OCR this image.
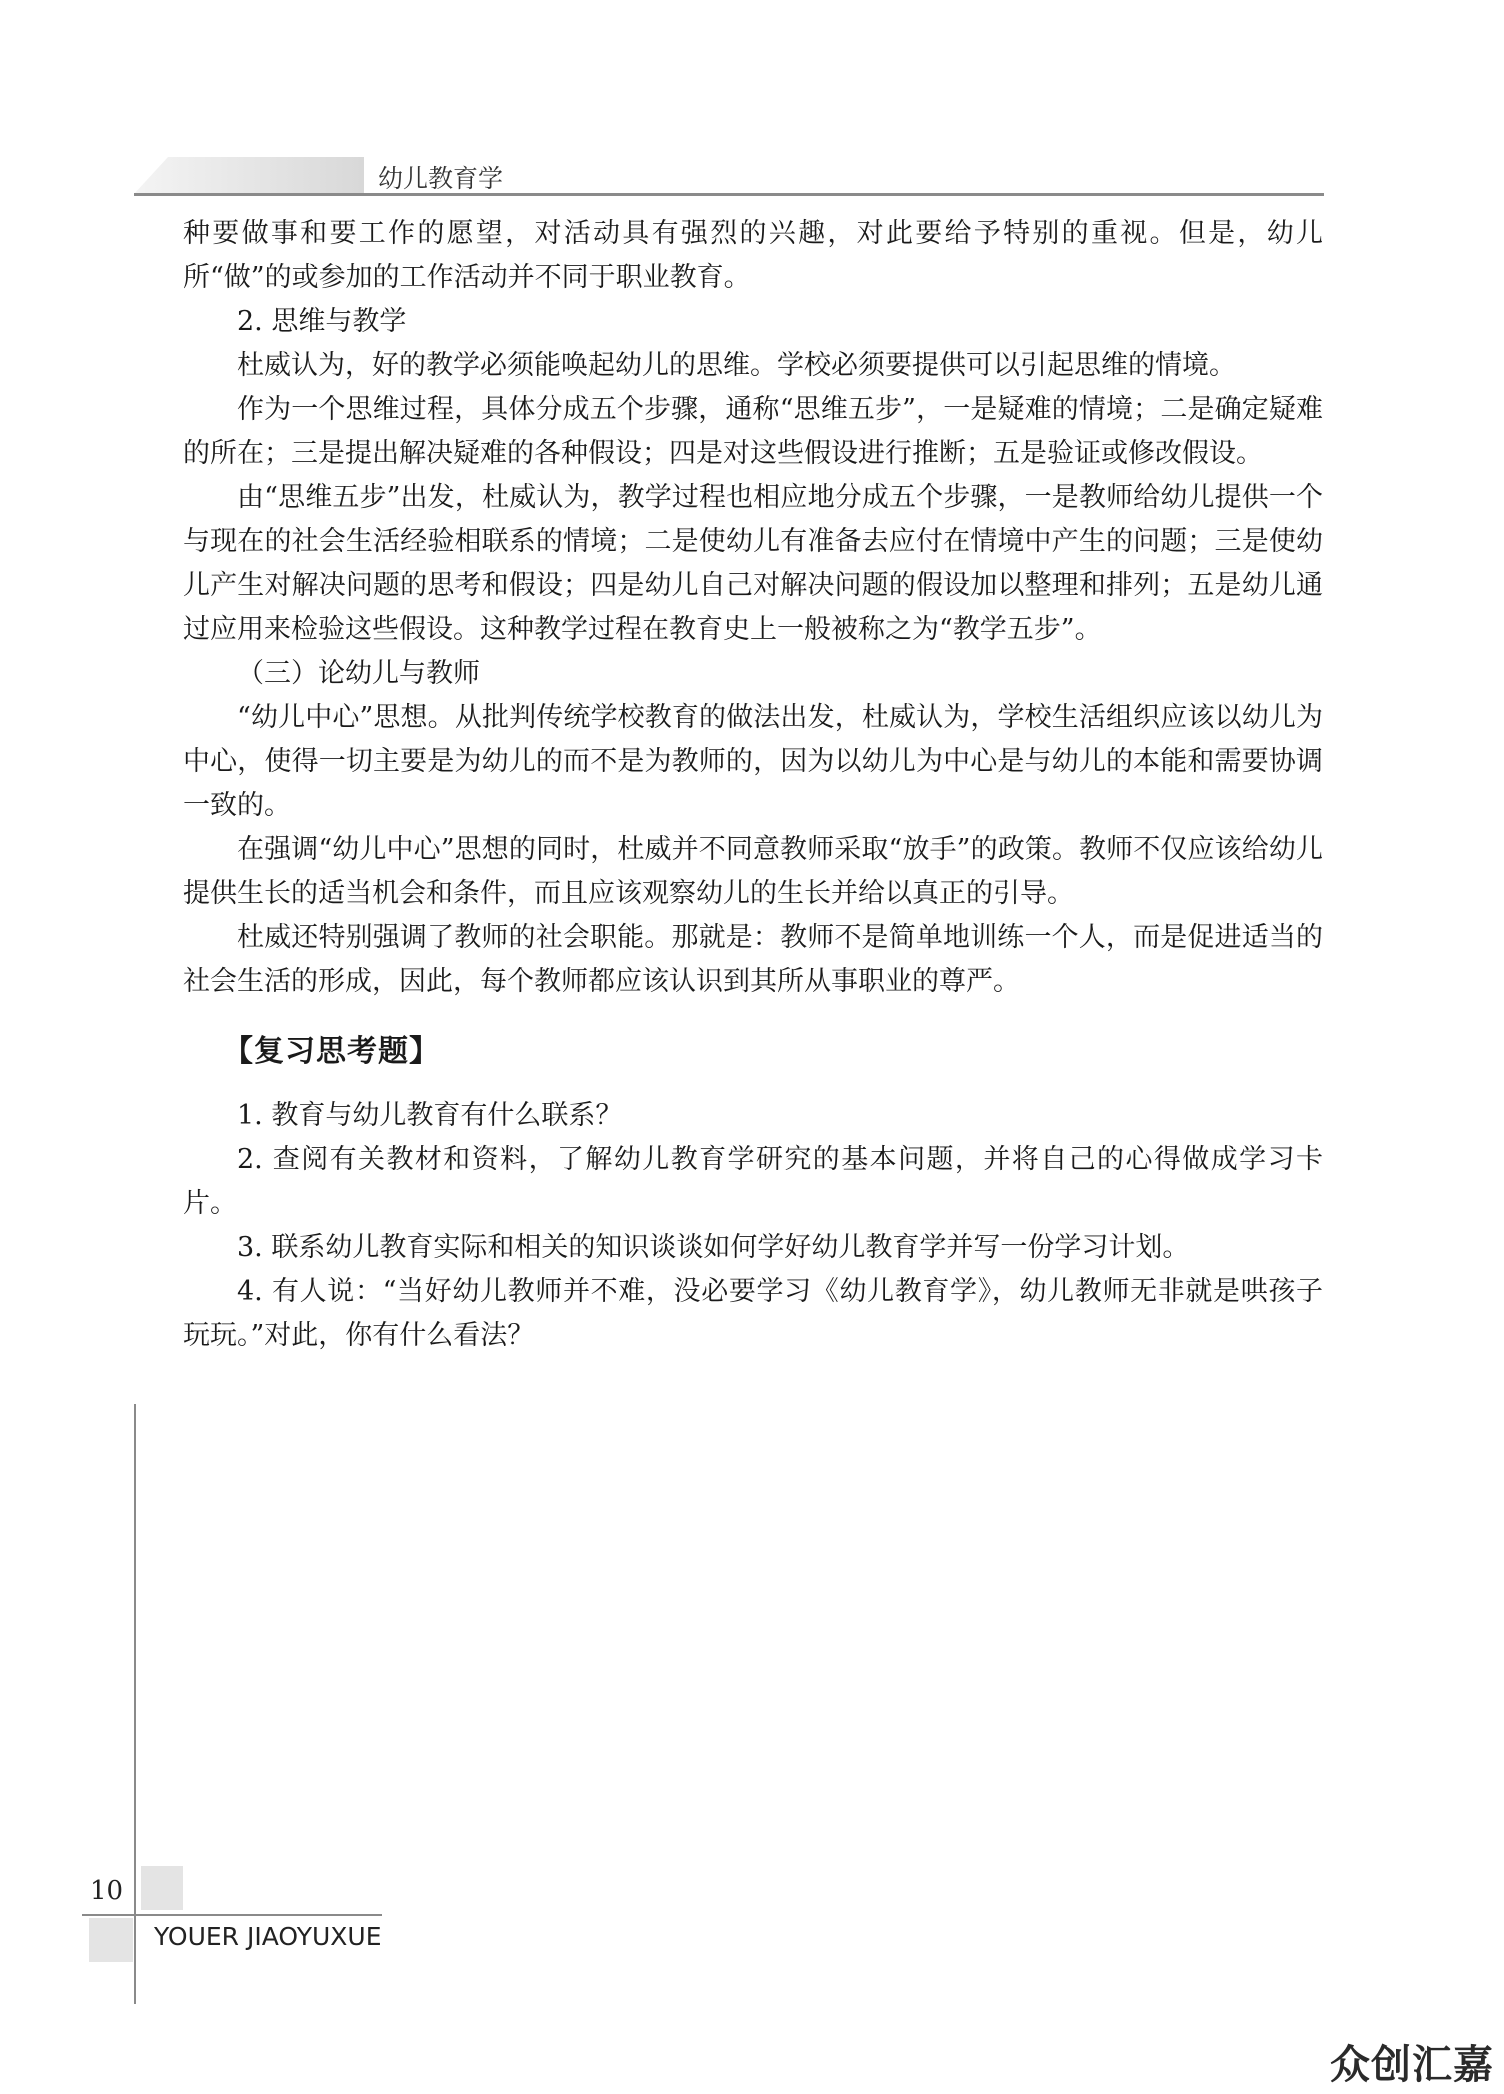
幼儿教育学

种要做事和要工作的愿望，对活动具有强烈的兴趣，对此要给予特别的重视。但是，幼儿所“做”的或参加的工作活动并不同于职业教育。

2. 思维与教学

杜威认为，好的教学必须能唤起幼儿的思维。学校必须要提供可以引起思维的情境。

作为一个思维过程，具体分成五个步骤，通称“思维五步”，一是疑难的情境；二是确定疑难的所在；三是提出解决疑难的各种假设；四是对这些假设进行推断；五是验证或修改假设。

由“思维五步”出发，杜威认为，教学过程也相应地分成五个步骤，一是教师给幼儿提供一个与现在的社会生活经验相联系的情境；二是使幼儿有准备去应付在情境中产生的问题；三是使幼儿产生对解决问题的思考和假设；四是幼儿自己对解决问题的假设加以整理和排列；五是幼儿通过应用来检验这些假设。这种教学过程在教育史上一般被称之为“教学五步”。

（三）论幼儿与教师

“幼儿中心”思想。从批判传统学校教育的做法出发，杜威认为，学校生活组织应该以幼儿为中心，使得一切主要是为幼儿的而不是为教师的，因为以幼儿为中心是与幼儿的本能和需要协调一致的。

在强调“幼儿中心”思想的同时，杜威并不同意教师采取“放手”的政策。教师不仅应该给幼儿提供生长的适当机会和条件，而且应该观察幼儿的生长并给以真正的引导。

杜威还特别强调了教师的社会职能。那就是：教师不是简单地训练一个人，而是促进适当的社会生活的形成，因此，每个教师都应该认识到其所从事职业的尊严。

【复习思考题】

1. 教育与幼儿教育有什么联系？

2. 查阅有关教材和资料，了解幼儿教育学研究的基本问题，并将自己的心得做成学习卡片。

3. 联系幼儿教育实际和相关的知识谈谈如何学好幼儿教育学并写一份学习计划。

4. 有人说：“当好幼儿教师并不难，没必要学习《幼儿教育学》，幼儿教师无非就是哄孩子玩玩。”对此，你有什么看法？

10
YOUER JIAOYUXUE
众创汇嘉
